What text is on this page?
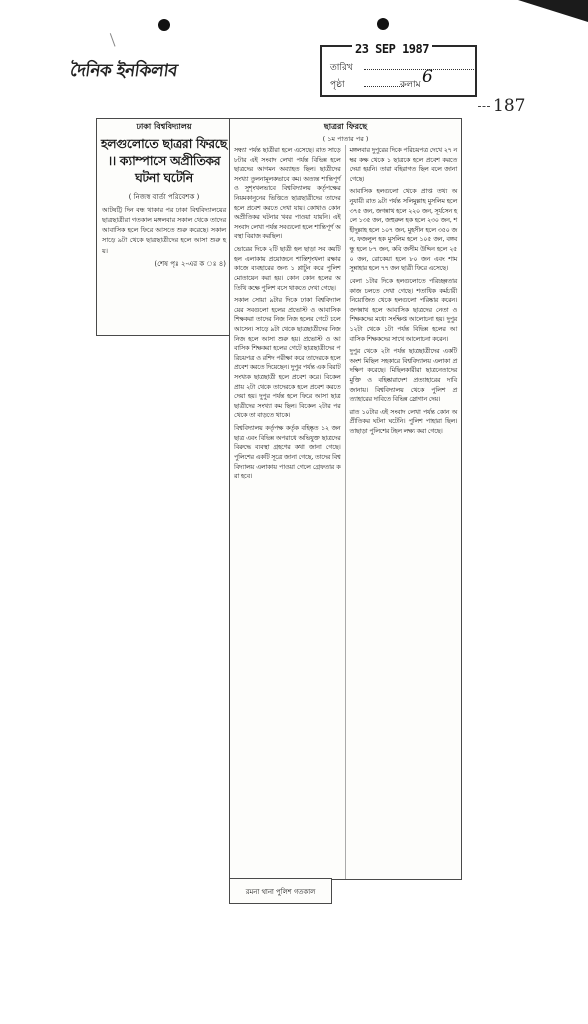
দৈনিক ইনকিলাব
23 SEP 1987
তারিখ
পৃষ্ঠা	কলাম 6
187
ঢাকা বিশ্ববিদ্যালয়
হলগুলোতে ছাত্ররা ফিরছে ।। ক্যাম্পাসে অপ্রীতিকর ঘটনা ঘটেনি
( নিজস্ব বার্তা পরিবেশক )
আটষট্টি দিন বন্ধ থাকার পর ঢাকা বিশ্ববিদ্যালয়ের ছাত্রছাত্রীরা গতকাল মঙ্গলবার সকাল থেকে তাদের আবাসিক হলে ফিরে আসতে শুরু করেছে। সকাল সাড়ে ৯টা থেকে ছাত্রছাত্রীদের হলে আসা শুরু হয়।
(শেষ পৃঃ ২-এর ক ঃ ৪)
ছাত্ররা ফিরছে
( ১ম পাতার পর )

সন্ধ্যা পর্যন্ত ছাত্রীরা হলে এসেছে। রাত সাড়ে ৮টার এই সংবাদ লেখা পর্যন্ত বিভিন্ন হলে ছাত্রদের আগমন অব্যাহত ছিল। ছাত্রীদের সংখ্যা তুলনামূলকভাবে কম। অত্যন্ত শান্তিপূর্ণ ও সুশৃংখলভাবে বিশ্ববিদ্যালয় কর্তৃপক্ষের নিয়মকানুনের ভিত্তিতে ছাত্রছাত্রীদের তাদের হলে প্রবেশ করতে দেখা যায়। কোথাও কোন অপ্রীতিকর ঘটনার খবর পাওয়া যায়নি। এই সংবাদ লেখা পর্যন্ত সবগুলো হলে শান্তিপূর্ণ অবস্থা বিরাজ করছিল।

ভোরের দিকে ২টি ছাত্রী হল ছাড়া সব কয়টি হল এলাকায় প্রয়োজনে শান্তিশৃংখলা রক্ষার কাজে ব্যবহারের জন্য ১ প্লাটুন করে পুলিশ মোতায়েন করা হয়। কোন কোন হলের অতিথি কক্ষে পুলিশ বসে থাকতে দেখা গেছে।

সকাল সোয়া ৯টার দিকে ঢাকা বিশ্ববিদ্যালয়ের সবগুলো হলের প্রভোস্ট ও আবাসিক শিক্ষকরা তাদের নিজ নিজ হলের গেটে চলে আসেন। সাড়ে ৯টা থেকে ছাত্রছাত্রীদের নিজ নিজ হলে আসা শুরু হয়। প্রভোস্ট ও আবাসিক শিক্ষকরা হলের গেটে ছাত্রছাত্রীদের পরিচয়পত্র ও রশিদ পরীক্ষা করে তাদেরকে হলে প্রবেশ করতে দিয়েছেন। দুপুর পর্যন্ত এক বিরাট সংখ্যক ছাত্রছাত্রী হলে প্রবেশ করে। বিকেল প্রায় ২টা থেকে তাদেরকে হলে প্রবেশ করতে দেয়া হয়। দুপুর পর্যন্ত হলে ফিরে আসা ছাত্রছাত্রীদের সংখ্যা কম ছিল। বিকেল ২টার পর থেকে তা বাড়তে থাকে।

বিশ্ববিদ্যালয় কর্তৃপক্ষ কর্তৃক বহিষ্কৃত ১২ জন ছাত্র এবং বিভিন্ন অপরাধে অভিযুক্ত ছাত্রদের বিরুদ্ধে ব্যবস্থা গ্রহণের কথা জানা গেছে। পুলিশের একটি সূত্রে জানা গেছে, তাদের বিশ্ববিদ্যালয় এলাকায় পাওয়া গেলে গ্রেফতার করা হবে।

মঙ্গলবার দুপুরের দিকে পরিচয়পত্র দেখে ২৭ নম্বর কক্ষ থেকে ১ ছাত্রকে হলে প্রবেশ করতে দেয়া হয়নি। তারা বহিরাগত ছিল বলে জানা গেছে।

আবাসিক হলগুলো থেকে প্রাপ্ত তথ্য অনুযায়ী রাত ৯টা পর্যন্ত সলিমুল্লাহ মুসলিম হলে ৩৭৫ জন, জগন্নাথ হলে ২২০ জন, সূর্যসেন হলে ১৩৫ জন, জহুরুল হক হলে ২৩০ জন, শহীদুল্লাহ হলে ১০৭ জন, মুহসীন হলে ৩৫০ জন, ফজলুল হক মুসলিম হলে ১০৫ জন, বঙ্গবন্ধু হলে ৮৭ জন, কবি জসীম উদ্দিন হলে ২৫০ জন, রোকেয়া হলে ৮০ জন এবং শামসুন্নাহার হলে ৭৭ জন ছাত্রী ফিরে এসেছে।

বেলা ১টার দিকে হলগুলোতে পরিচ্ছন্নতার কাজ চলতে দেখা গেছে। শতাধিক কর্মচারী নিয়োজিত থেকে হলগুলো পরিষ্কার করেন। জগন্নাথ হলে আবাসিক ছাত্রদের নেতা ও শিক্ষকদের মধ্যে সংক্ষিপ্ত আলোচনা হয়। দুপুর ১২টা থেকে ১টা পর্যন্ত বিভিন্ন হলের আবাসিক শিক্ষকদের সাথে আলোচনা করেন।

দুপুর থেকে ২টা পর্যন্ত ছাত্রছাত্রীদের একটি অংশ মিছিল সহকারে বিশ্ববিদ্যালয় এলাকা প্রদক্ষিণ করেছে। মিছিলকারীরা ছাত্রনেতাদের মুক্তি ও বহিষ্কারাদেশ প্রত্যাহারের দাবি জানায়। বিশ্ববিদ্যালয় থেকে পুলিশ প্রত্যাহারের দাবিতে বিভিন্ন স্লোগান দেয়।

রাত ১০টার এই সংবাদ লেখা পর্যন্ত কোন অপ্রীতিকর ঘটনা ঘটেনি। পুলিশ পাহারা ছিল। তাছাড়া পুলিশের টহল লক্ষ্য করা গেছে।

রমনা থানা পুলিশ গতকাল
